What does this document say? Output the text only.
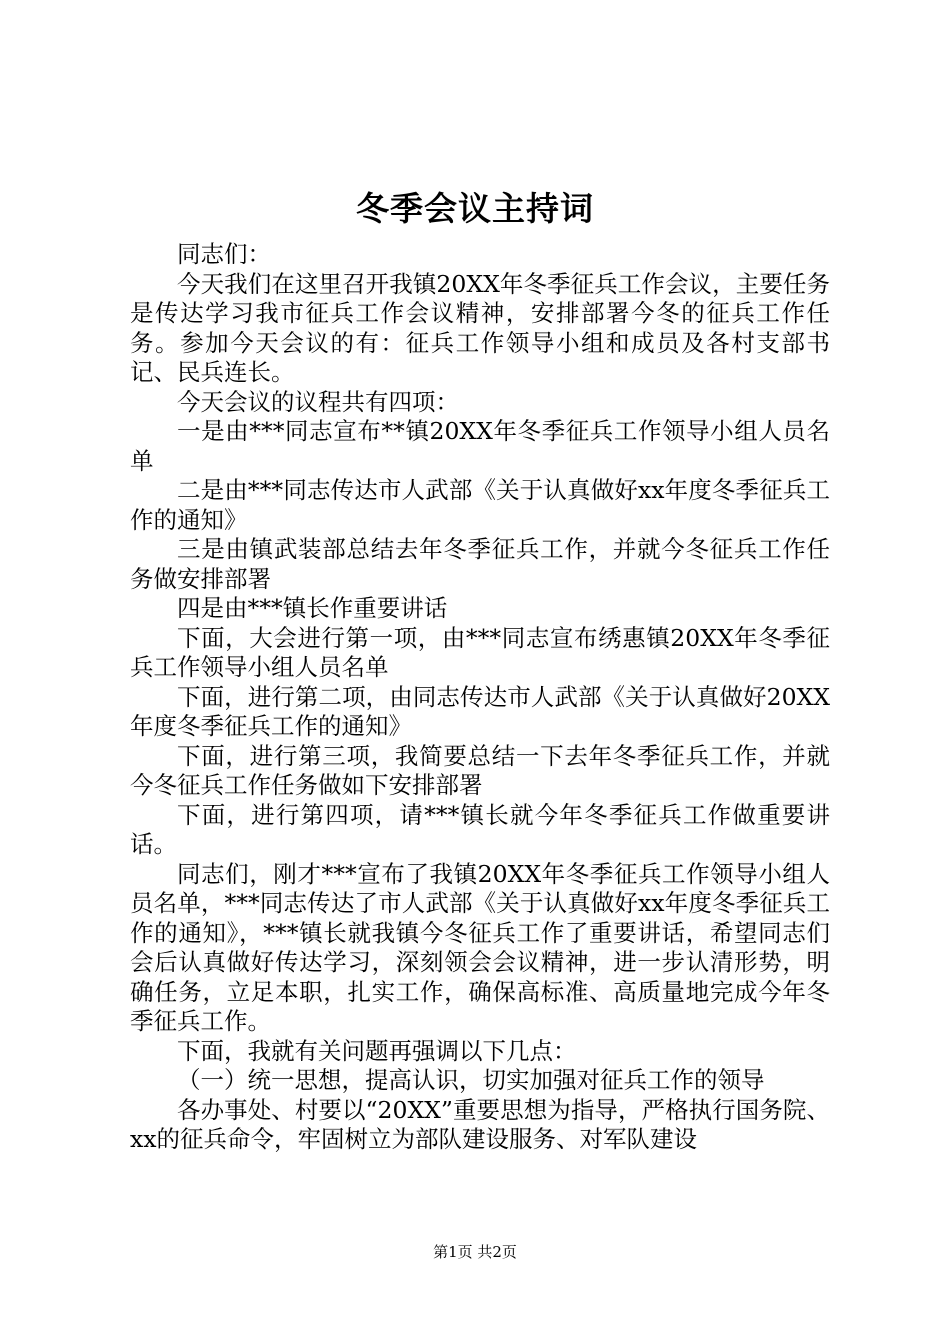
冬季会议主持词

同志们：

今天我们在这里召开我镇20XX年冬季征兵工作会议，主要任务是传达学习我市征兵工作会议精神，安排部署今冬的征兵工作任务。参加今天会议的有：征兵工作领导小组和成员及各村支部书记、民兵连长。

今天会议的议程共有四项：

一是由***同志宣布**镇20XX年冬季征兵工作领导小组人员名单

二是由***同志传达市人武部《关于认真做好xx年度冬季征兵工作的通知》

三是由镇武装部总结去年冬季征兵工作，并就今冬征兵工作任务做安排部署

四是由***镇长作重要讲话

下面，大会进行第一项，由***同志宣布绣惠镇20XX年冬季征兵工作领导小组人员名单

下面，进行第二项，由同志传达市人武部《关于认真做好20XX年度冬季征兵工作的通知》

下面，进行第三项，我简要总结一下去年冬季征兵工作，并就今冬征兵工作任务做如下安排部署

下面，进行第四项，请***镇长就今年冬季征兵工作做重要讲话。

同志们，刚才***宣布了我镇20XX年冬季征兵工作领导小组人员名单，***同志传达了市人武部《关于认真做好xx年度冬季征兵工作的通知》，***镇长就我镇今冬征兵工作了重要讲话，希望同志们会后认真做好传达学习，深刻领会会议精神，进一步认清形势，明确任务，立足本职，扎实工作，确保高标准、高质量地完成今年冬季征兵工作。

下面，我就有关问题再强调以下几点：

（一）统一思想，提高认识，切实加强对征兵工作的领导

各办事处、村要以“20XX”重要思想为指导，严格执行国务院、xx的征兵命令，牢固树立为部队建设服务、对军队建设

第1页 共2页
